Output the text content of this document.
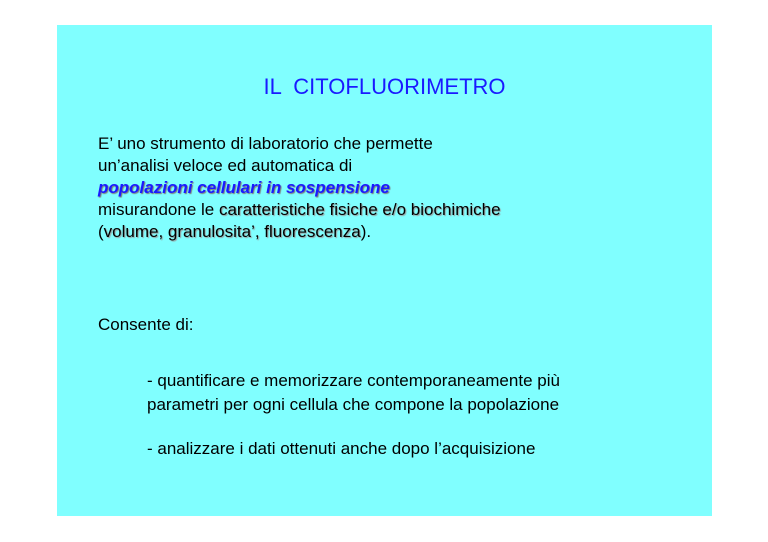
IL  CITOFLUORIMETRO
E’ uno strumento di laboratorio che permette
un’analisi veloce ed automatica di
popolazioni cellulari in sospensione
misurandone le caratteristiche fisiche e/o biochimiche
(volume, granulosita’, fluorescenza).
Consente di:
- quantificare e memorizzare contemporaneamente più
parametri per ogni cellula che compone la popolazione
- analizzare i dati ottenuti anche dopo l’acquisizione
